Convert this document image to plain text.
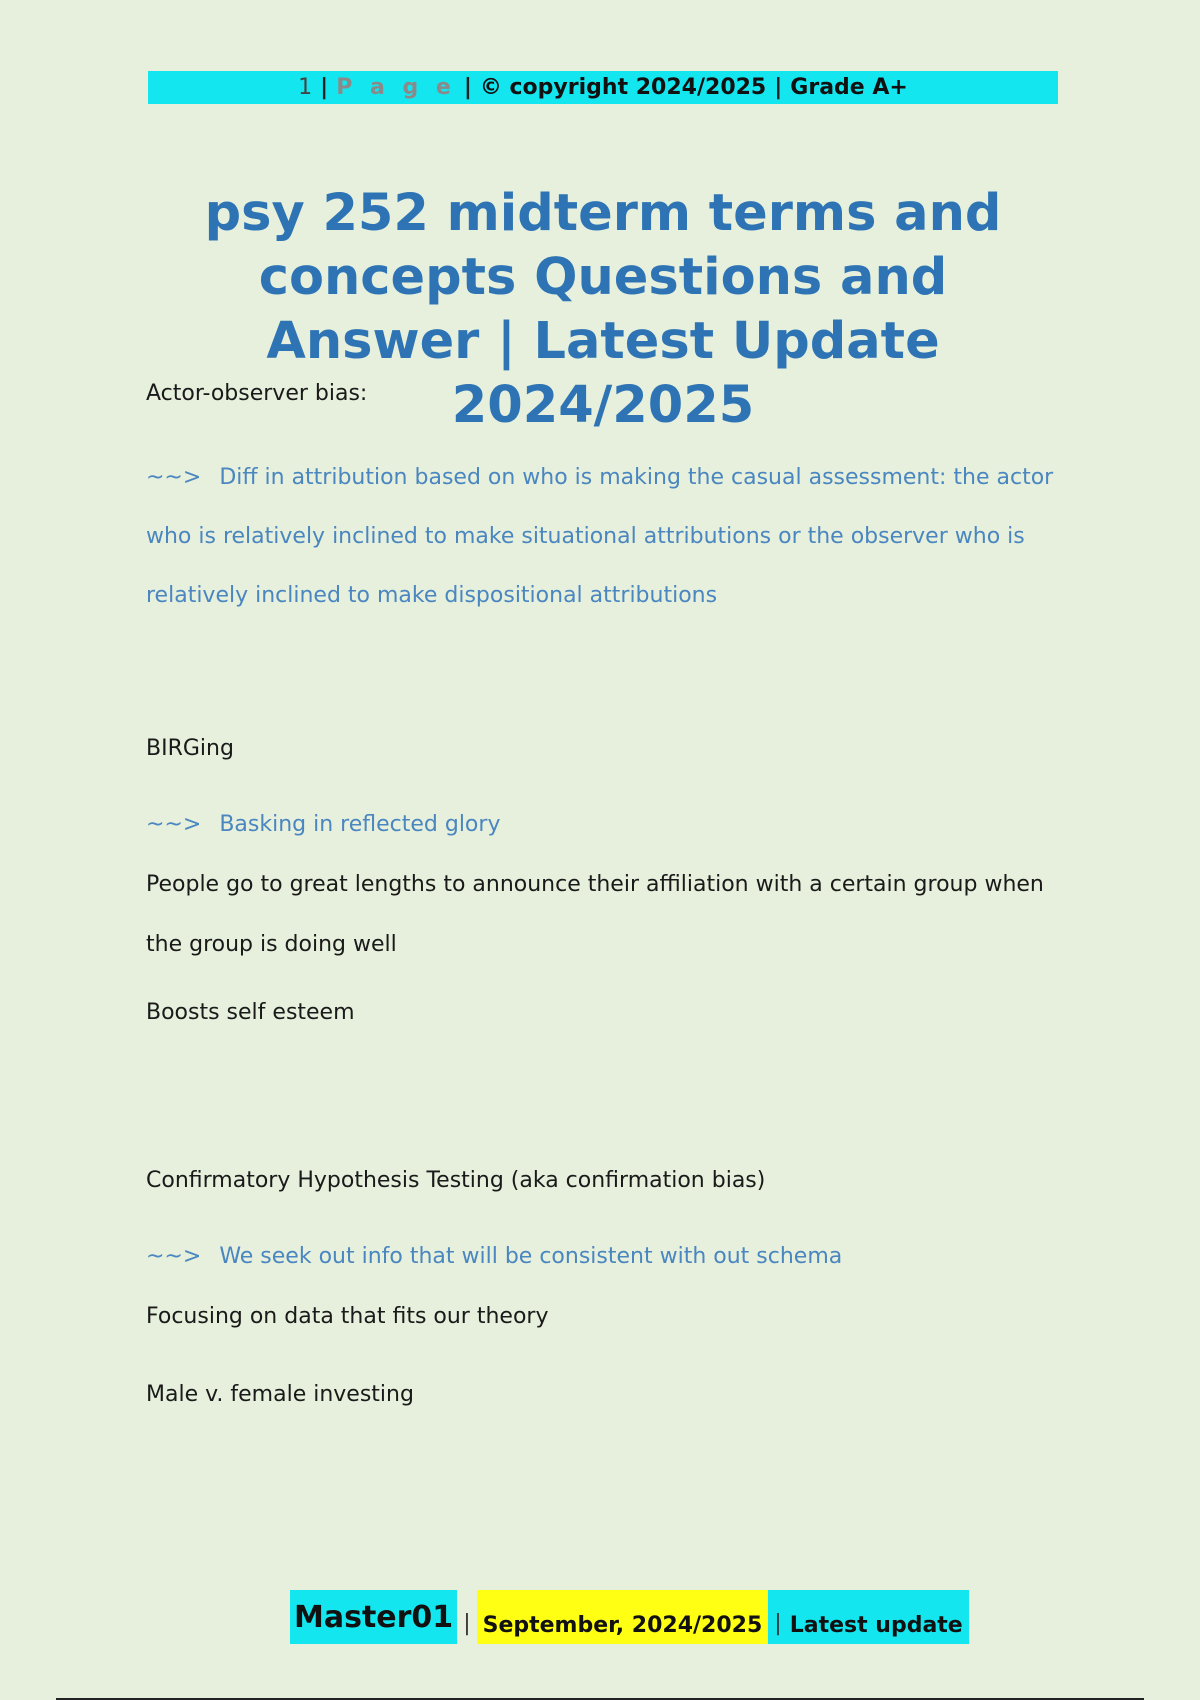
1 | P a g e | © copyright 2024/2025 | Grade A+
psy 252 midterm terms and concepts Questions and Answer | Latest Update 2024/2025

Actor-observer bias:

~~> Diff in attribution based on who is making the casual assessment: the actor who is relatively inclined to make situational attributions or the observer who is relatively inclined to make dispositional attributions

BIRGing

~~> Basking in reflected glory

People go to great lengths to announce their affiliation with a certain group when the group is doing well

Boosts self esteem

Confirmatory Hypothesis Testing (aka confirmation bias)

~~> We seek out info that will be consistent with out schema

Focusing on data that fits our theory

Male v. female investing

Master01 | September, 2024/2025 | Latest update
